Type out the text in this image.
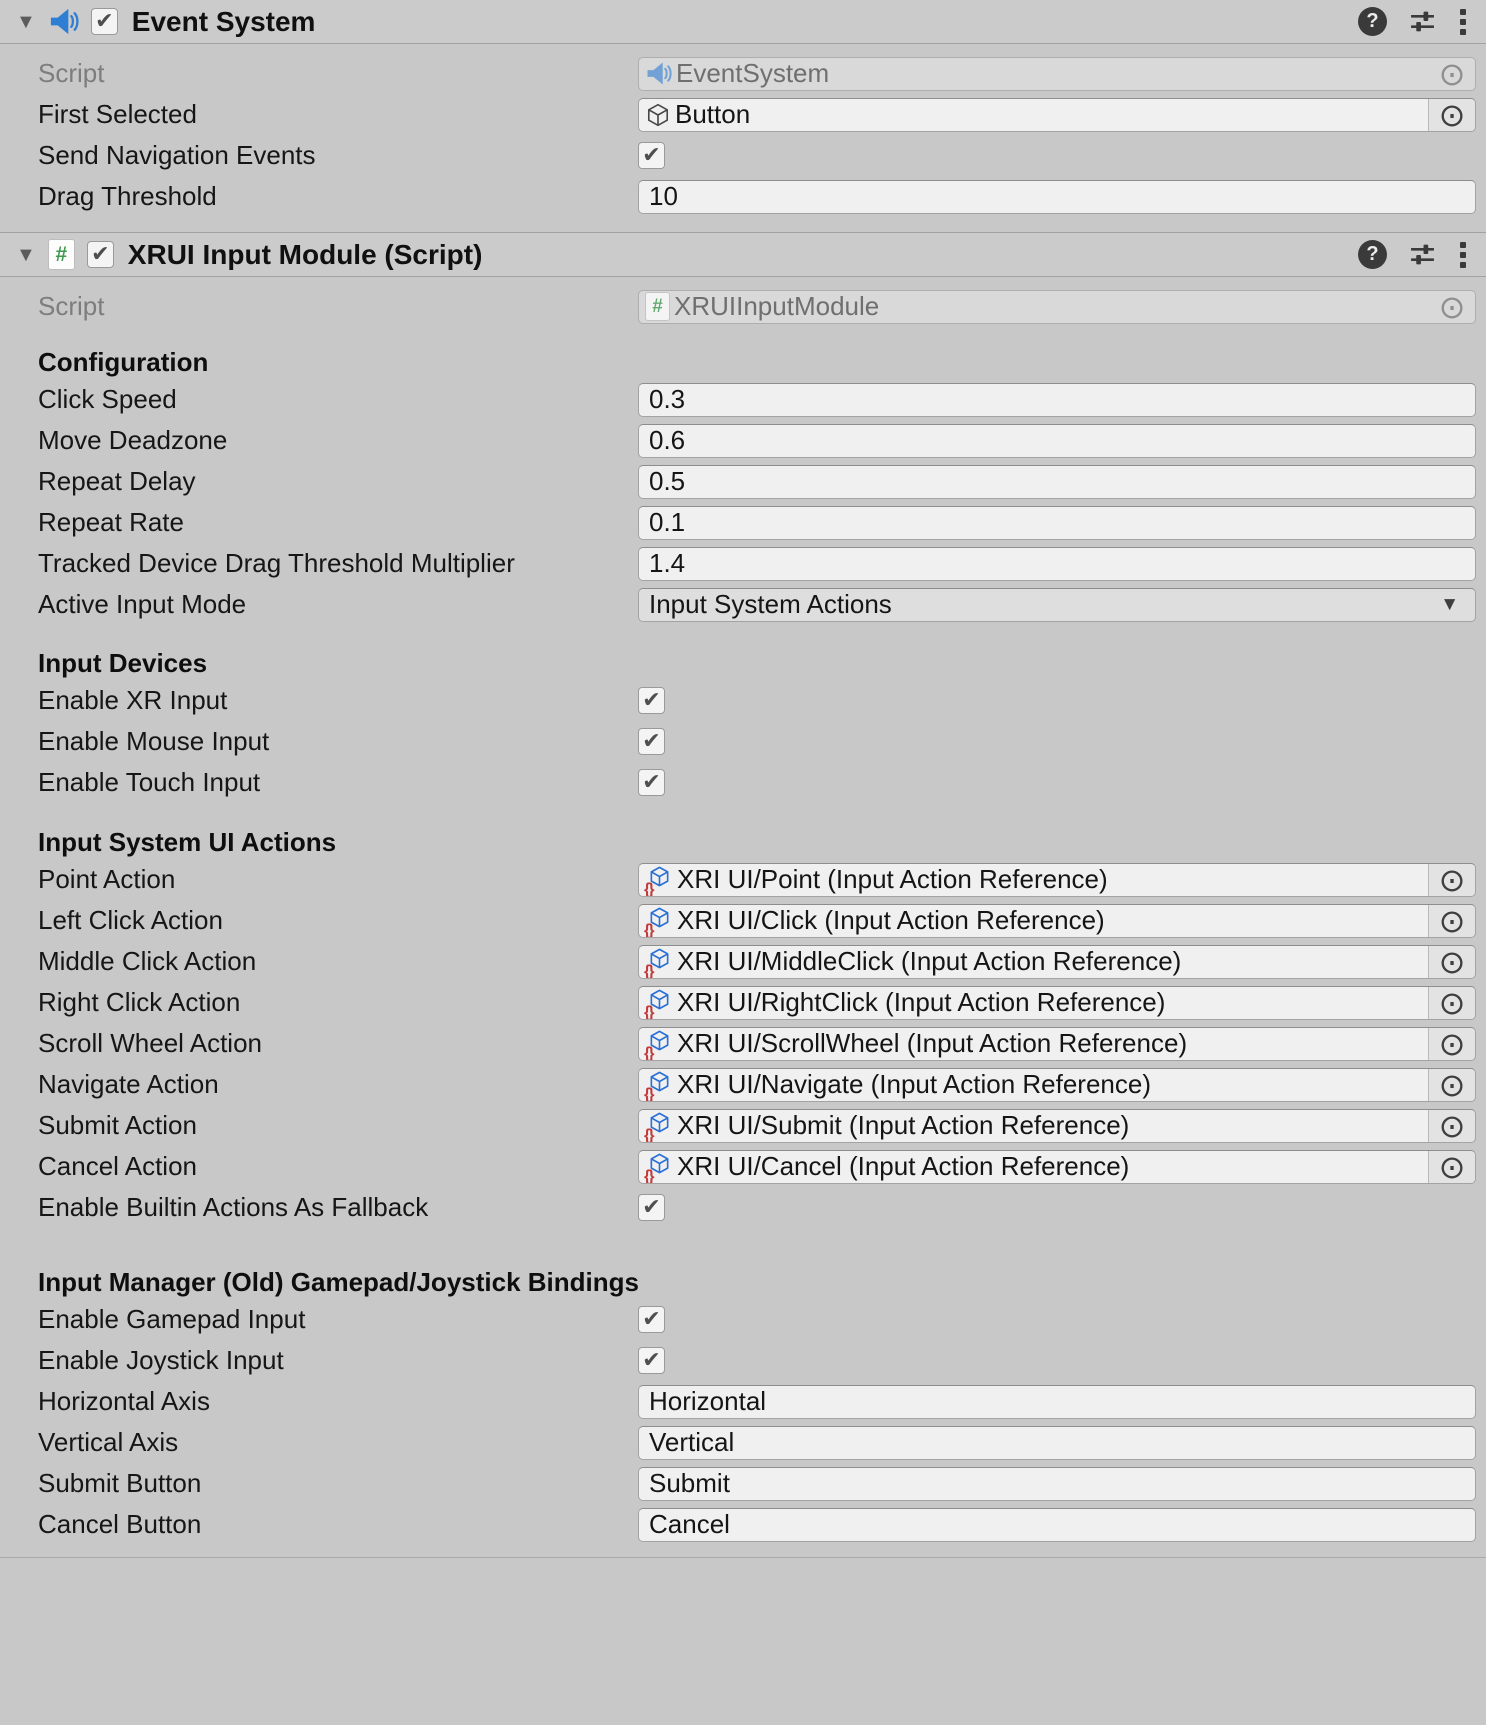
▼	✔ Event System	?
Script	EventSystem	⊙
First Selected	Button	⊙
Send Navigation Events	✔
Drag Threshold	10
▼ #	✔ XRUI Input Module (Script)	?
Script	# XRUIInputModule	⊙
Configuration
Click Speed	0.3
Move Deadzone	0.6
Repeat Delay	0.5
Repeat Rate	0.1
Tracked Device Drag Threshold Multiplier	1.4
Active Input Mode	Input System Actions	▼
Input Devices
Enable XR Input	✔
Enable Mouse Input	✔
Enable Touch Input	✔
Input System UI Actions
Point Action	{} XRI UI/Point (Input Action Reference)	⊙
Left Click Action	{} XRI UI/Click (Input Action Reference)	⊙
Middle Click Action	{} XRI UI/MiddleClick (Input Action Reference)	⊙
Right Click Action	{} XRI UI/RightClick (Input Action Reference)	⊙
Scroll Wheel Action	{} XRI UI/ScrollWheel (Input Action Reference)	⊙
Navigate Action	{} XRI UI/Navigate (Input Action Reference)	⊙
Submit Action	{} XRI UI/Submit (Input Action Reference)	⊙
Cancel Action	{} XRI UI/Cancel (Input Action Reference)	⊙
Enable Builtin Actions As Fallback	✔
Input Manager (Old) Gamepad/Joystick Bindings
Enable Gamepad Input	✔
Enable Joystick Input	✔
Horizontal Axis	Horizontal
Vertical Axis	Vertical
Submit Button	Submit
Cancel Button	Cancel
